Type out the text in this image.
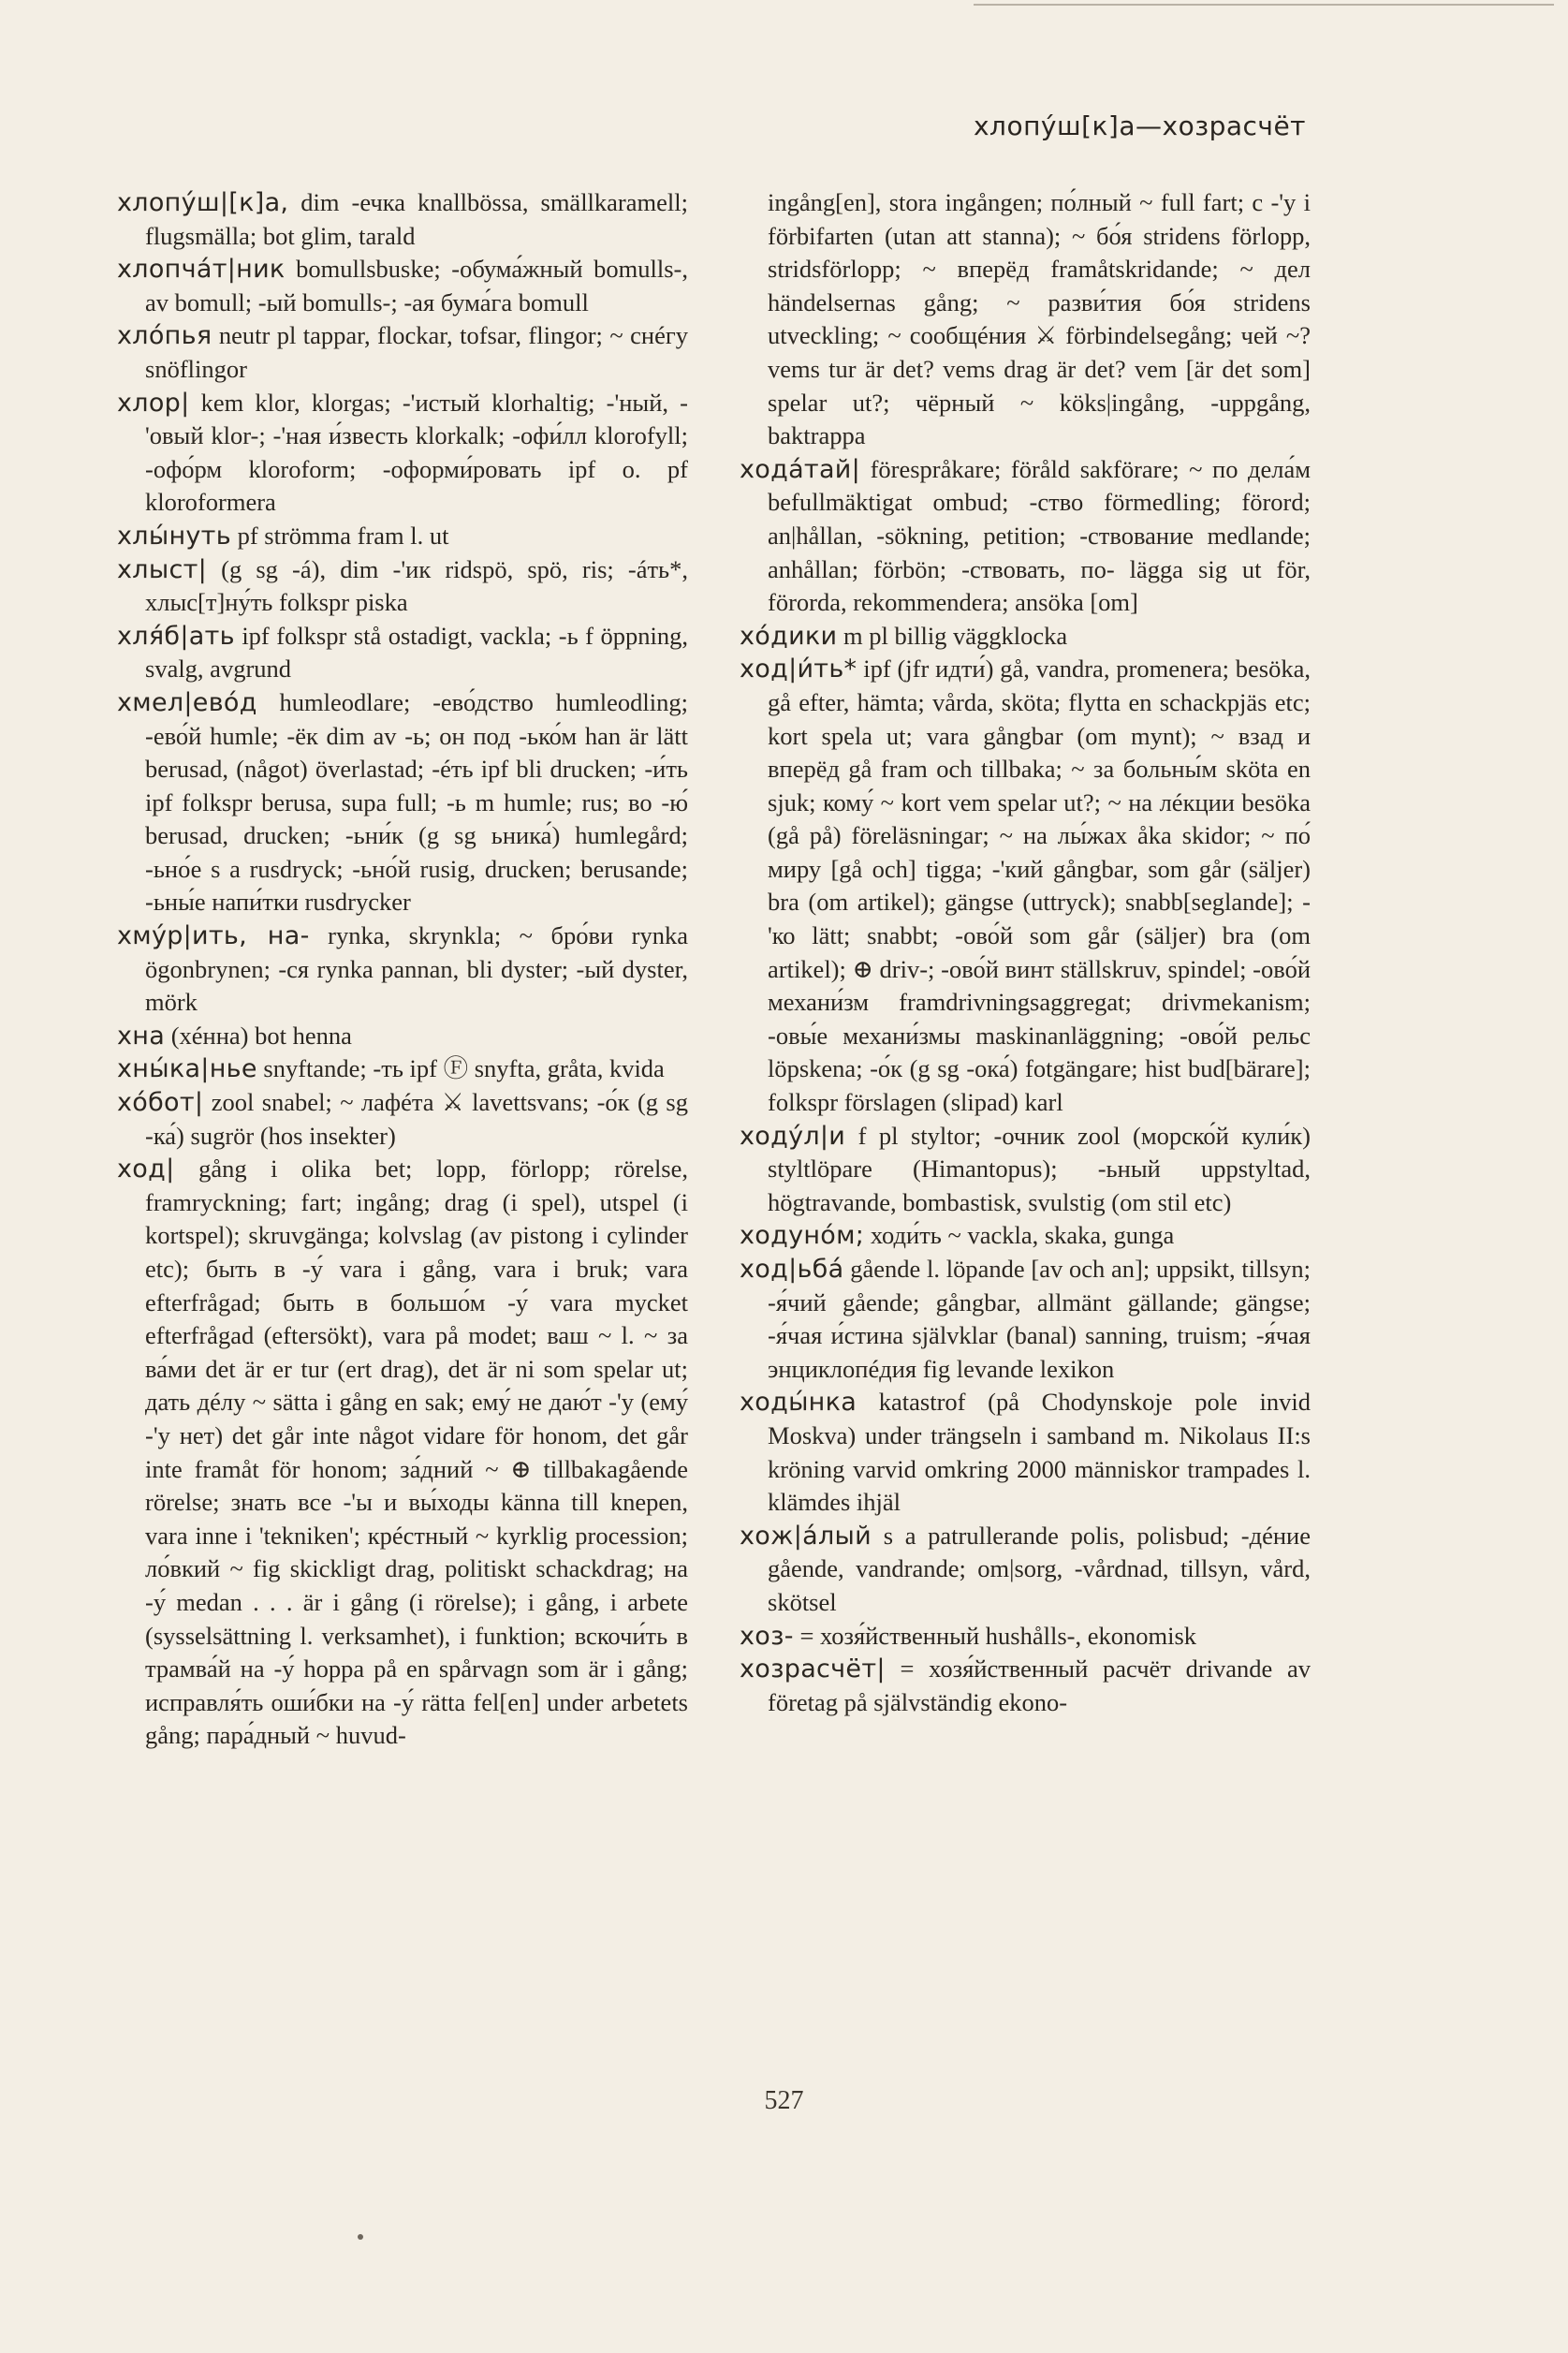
хлопу́ш[к]а—хозрасчёт

хлопу́ш|[к]а, dim -ечка knallbössa, smällkaramell; flugsmälla; bot glim, tarald

хлопча́т|ник bomullsbuske; -обума́жный bomulls-, av bomull; -ый bomulls-; -ая бума́га bomull

хло́пья neutr pl tappar, flockar, tofsar, flingor; ~ снéгу snöflingor

хлор| kem klor, klorgas; -'истый klorhaltig; -'ный, -'овый klor-; -'ная и́звесть klorkalk; -офи́лл klorofyll; -офо́рм kloroform; -оформи́ровать ipf o. pf kloroformera

хлы́нуть pf strömma fram l. ut

хлыст| (g sg -á), dim -'ик ridspö, spö, ris; -áть*, хлыс[т]ну́ть folkspr piska

хля́б|ать ipf folkspr stå ostadigt, vackla; -ь f öppning, svalg, avgrund

хмел|ево́д humleodlare; -ево́дство humleodling; -ево́й humle; -ёк dim av -ь; он под -ько́м han är lätt berusad, (något) överlastad; -éть ipf bli drucken; -и́ть ipf folkspr berusa, supa full; -ь m humle; rus; во -ю́ berusad, drucken; -ьни́к (g sg ьника́) humlegård; -ьно́е s a rusdryck; -ьно́й rusig, drucken; berusande; -ьны́е напи́тки rusdrycker

хму́р|ить, на- rynka, skrynkla; ~ бро́ви rynka ögonbrynen; -ся rynka pannan, bli dyster; -ый dyster, mörk

хна (хéнна) bot henna

хны́ка|нье snyftande; -ть ipf Ⓕ snyfta, gråta, kvida

хо́бот| zool snabel; ~ лафéта ⚔ lavettsvans; -о́к (g sg -ка́) sugrör (hos insekter)

ход| gång i olika bet; lopp, förlopp; rörelse, framryckning; fart; ingång; drag (i spel), utspel (i kortspel); skruvgänga; kolvslag (av pistong i cylinder etc); быть в -у́ vara i gång, vara i bruk; vara efterfrågad; быть в большо́м -у́ vara mycket efterfrågad (eftersökt), vara på modet; ваш ~ l. ~ за ва́ми det är er tur (ert drag), det är ni som spelar ut; дать дéлу ~ sätta i gång en sak; ему́ не даю́т -'у (ему́ -'у нет) det går inte något vidare för honom, det går inte framåt för honom; за́дний ~ ⊕ tillbakagående rörelse; знать все -'ы и вы́ходы känna till knepen, vara inne i 'tekniken'; крéстный ~ kyrklig procession; ло́вкий ~ fig skickligt drag, politiskt schackdrag; на -у́ medan . . . är i gång (i rörelse); i gång, i arbete (sysselsättning l. verksamhet), i funktion; вскочи́ть в трамва́й на -у́ hoppa på en spårvagn som är i gång; исправля́ть оши́бки на -у́ rätta fel[en] under arbetets gång; пара́дный ~ huvud-

ingång[en], stora ingången; по́лный ~ full fart; с -'у i förbifarten (utan att stanna); ~ бо́я stridens förlopp, stridsförlopp; ~ вперёд framåtskridande; ~ дел händelsernas gång; ~ разви́тия бо́я stridens utveckling; ~ сообщéния ⚔ förbindelsegång; чей ~? vems tur är det? vems drag är det? vem [är det som] spelar ut?; чёрный ~ köks|ingång, -uppgång, baktrappa

хода́тай| förespråkare; föråld sakförare; ~ по дела́м befullmäktigat ombud; -ство förmedling; förord; an|hållan, -sökning, petition; -ствование medlande; anhållan; förbön; -ствовать, по- lägga sig ut för, förorda, rekommendera; ansöka [om]

хо́дики m pl billig väggklocka

ход|и́ть* ipf (jfr идти́) gå, vandra, promenera; besöka, gå efter, hämta; vårda, sköta; flytta en schackpjäs etc; kort spela ut; vara gångbar (om mynt); ~ взад и вперёд gå fram och tillbaka; ~ за больны́м sköta en sjuk; кому́ ~ kort vem spelar ut?; ~ на лéкции besöka (gå på) föreläsningar; ~ на лы́жах åka skidor; ~ по́ миру [gå och] tigga; -'кий gångbar, som går (säljer) bra (om artikel); gängse (uttryck); snabb[seglande]; -'ко lätt; snabbt; -ово́й som går (säljer) bra (om artikel); ⊕ driv-; -ово́й винт ställskruv, spindel; -ово́й механи́зм framdrivningsaggregat; drivmekanism; -овы́е механи́змы maskinanläggning; -ово́й рельс löpskena; -о́к (g sg -ока́) fotgängare; hist bud[bärare]; folkspr förslagen (slipad) karl

ходу́л|и f pl styltor; -очник zool (морско́й кули́к) styltlöpare (Himantopus); -ьный uppstyltad, högtravande, bombastisk, svulstig (om stil etc)

ходуно́м; ходи́ть ~ vackla, skaka, gunga

ход|ьба́ gående l. löpande [av och an]; uppsikt, tillsyn; -я́чий gående; gångbar, allmänt gällande; gängse; -я́чая и́стина självklar (banal) sanning, truism; -я́чая энциклопéдия fig levande lexikon

ходы́нка katastrof (på Chodynskoje pole invid Moskva) under trängseln i samband m. Nikolaus II:s kröning varvid omkring 2000 människor trampades l. klämdes ihjäl

хож|а́лый s a patrullerande polis, polisbud; -дéние gående, vandrande; om|sorg, -vårdnad, tillsyn, vård, skötsel

хоз- = хозя́йственный hushålls-, ekonomisk

хозрасчёт| = хозя́йственный расчёт drivande av företag på självständig ekono-

527
